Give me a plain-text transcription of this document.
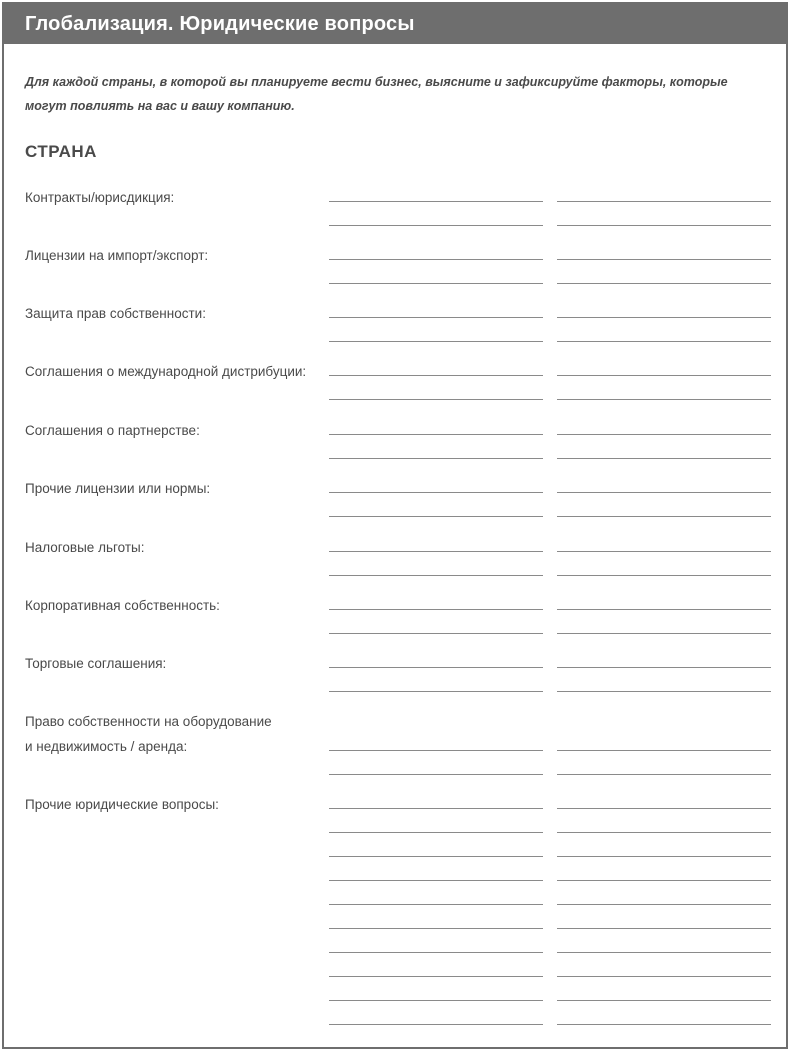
Глобализация. Юридические вопросы
Для каждой страны, в которой вы планируете вести бизнес, выясните и зафиксируйте факторы, которые могут повлиять на вас и вашу компанию.
СТРАНА
Контракты/юрисдикция:
Лицензии на импорт/экспорт:
Защита прав собственности:
Соглашения о международной дистрибуции:
Соглашения о партнерстве:
Прочие лицензии или нормы:
Налоговые льготы:
Корпоративная собственность:
Торговые соглашения:
Право собственности на оборудование
и недвижимость / аренда:
Прочие юридические вопросы:
